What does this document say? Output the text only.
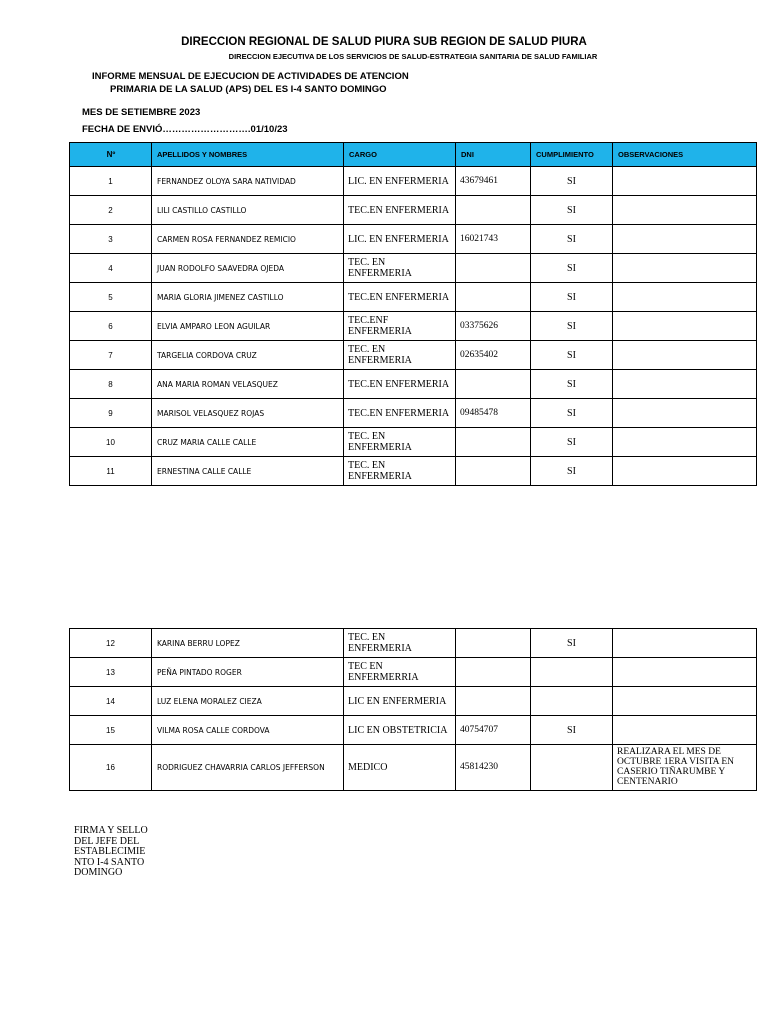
DIRECCION REGIONAL DE SALUD PIURA SUB REGION DE SALUD PIURA
DIRECCION EJECUTIVA DE LOS SERVICIOS DE SALUD-ESTRATEGIA SANITARIA DE SALUD FAMILIAR
INFORME MENSUAL DE EJECUCION DE ACTIVIDADES DE ATENCION
PRIMARIA DE LA SALUD (APS) DEL ES I-4 SANTO DOMINGO
MES DE SETIEMBRE 2023
FECHA DE ENVIÓ……………………….01/10/23
Nº	APELLIDOS Y NOMBRES	CARGO	DNI	CUMPLIMIENTO	OBSERVACIONES
1	FERNANDEZ OLOYA SARA NATIVIDAD	LIC. EN ENFERMERIA	43679461	SI	
2	LILI CASTILLO CASTILLO	TEC.EN ENFERMERIA		SI	
3	CARMEN ROSA FERNANDEZ REMICIO	LIC. EN ENFERMERIA	16021743	SI	
4	JUAN RODOLFO SAAVEDRA OJEDA	TEC. EN ENFERMERIA		SI	
5	MARIA GLORIA JIMENEZ CASTILLO	TEC.EN ENFERMERIA		SI	
6	ELVIA AMPARO LEON AGUILAR	TEC.ENF ENFERMERIA	03375626	SI	
7	TARGELIA CORDOVA CRUZ	TEC. EN ENFERMERIA	02635402	SI	
8	ANA MARIA ROMAN VELASQUEZ	TEC.EN ENFERMERIA		SI	
9	MARISOL VELASQUEZ ROJAS	TEC.EN ENFERMERIA	09485478	SI	
10	CRUZ MARIA CALLE CALLE	TEC. EN ENFERMERIA		SI	
11	ERNESTINA CALLE CALLE	TEC. EN ENFERMERIA		SI	
12	KARINA BERRU LOPEZ	TEC. EN ENFERMERIA		SI	
13	PEÑA PINTADO ROGER	TEC EN ENFERMERRIA			
14	LUZ ELENA MORALEZ CIEZA	LIC EN ENFERMERIA			
15	VILMA ROSA CALLE CORDOVA	LIC EN OBSTETRICIA	40754707	SI	
16	RODRIGUEZ CHAVARRIA CARLOS JEFFERSON	MEDICO	45814230		REALIZARA EL MES DE OCTUBRE 1ERA VISITA EN CASERIO TIÑARUMBE Y CENTENARIO
FIRMA Y SELLO DEL JEFE DEL ESTABLECIMIE NTO I-4 SANTO DOMINGO
